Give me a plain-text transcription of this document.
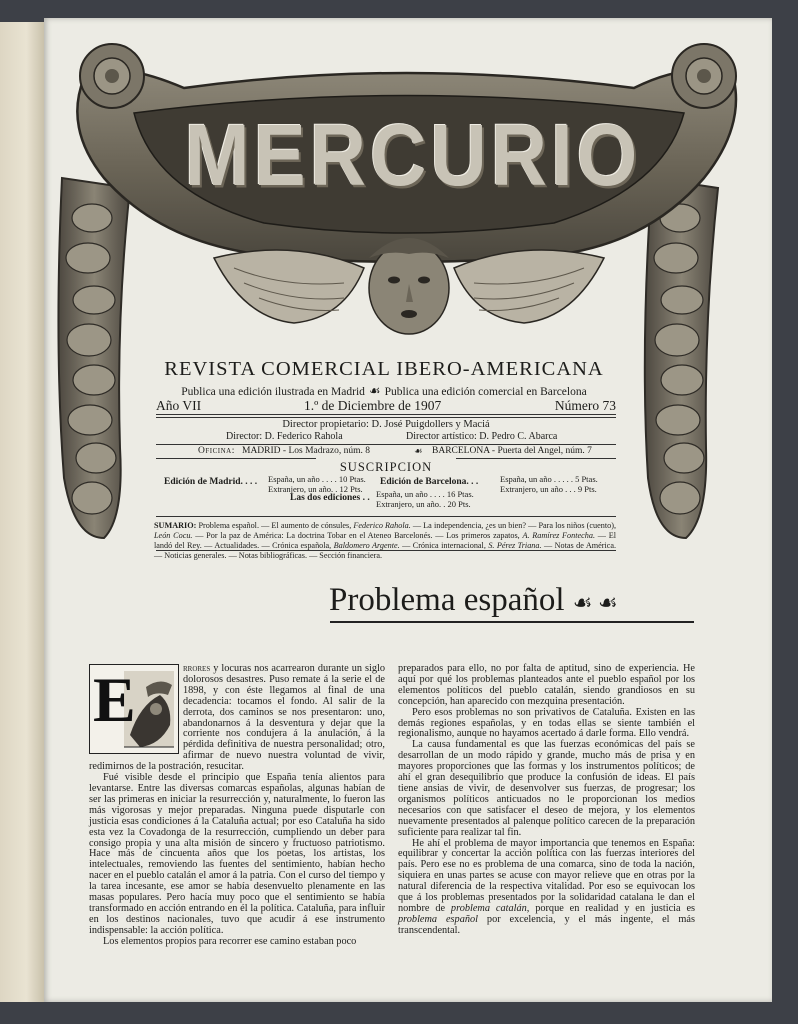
MERCURIO
REVISTA COMERCIAL IBERO-AMERICANA
Publica una edición ilustrada en Madrid ☙ Publica una edición comercial en Barcelona
Año VII	1.º de Diciembre de 1907	Número 73
Director propietario: D. José Puigdollers y Maciá
Director: D. Federico Rahola	Director artístico: D. Pedro C. Abarca
Oficina: MADRID - Los Madrazo, núm. 8	☙ BARCELONA - Puerta del Angel, núm. 7
SUSCRIPCION
Edición de Madrid. . . . España, un año . . . . 10 Ptas.
Extranjero, un año. . 12 Pts.
Edición de Barcelona. . .	España, un año . . . . . 5 Ptas.
Extranjero, un año . . . 9 Pts.
Las dos ediciones . . España, un año . . . . 16 Ptas.
Extranjero, un año. . 20 Pts.
SUMARIO: Problema español. — El aumento de cónsules, Federico Rahola. — La independencia, ¿es un bien? — Para los niños (cuento), León Cocu. — Por la paz de América: La doctrina Tobar en el Ateneo Barcelonés. — Los primeros zapatos, A. Ramírez Fontecha. — El landó del Rey. — Actualidades. — Crónica española, Baldomero Argente. — Crónica internacional, S. Pérez Triana. — Notas de América. — Noticias generales. — Notas bibliográficas. — Sección financiera.
Problema español ☙ ☙

E	rrores y locuras nos acarrearon durante un siglo dolorosos desastres. Puso remate á la serie el de 1898, y con éste llegamos al final de una decadencia: tocamos el fondo. Al salir de la derrota, dos caminos se nos presentaron: uno, abandonarnos á la desventura y dejar que la corriente nos condujera á la anulación, á la pérdida definitiva de nuestra personalidad; otro, afirmar de nuevo nuestra voluntad de vivir, redimirnos de la postración, resucitar.

Fué visible desde el principio que España tenía alientos para levantarse. Entre las diversas comarcas españolas, algunas habían de ser las primeras en iniciar la resurrección y, naturalmente, lo fueron las más vigorosas y mejor preparadas. Ninguna puede disputarle con justicia esas condiciones á la Cataluña actual; por eso Cataluña ha sido esta vez la Covadonga de la resurrección, cumpliendo un deber para consigo propia y una alta misión de sincero y fructuoso patriotismo. Hace más de cincuenta años que los poetas, los artistas, los intelectuales, removiendo las fuentes del sentimiento, habían hecho nacer en el pueblo catalán el amor á la patria. Con el curso del tiempo y la tarea incesante, ese amor se había desenvuelto plenamente en las masas populares. Pero hacía muy poco que el sentimiento se había transformado en acción entrando en él la política. Cataluña, para influir en los destinos nacionales, tuvo que acudir á ese instrumento indispensable: la acción política.

Los elementos propios para recorrer ese camino estaban poco

preparados para ello, no por falta de aptitud, sino de experiencia. He aquí por qué los problemas planteados ante el pueblo español por los elementos políticos del pueblo catalán, siendo grandiosos en su concepción, han aparecido con mezquina presentación.

Pero esos problemas no son privativos de Cataluña. Existen en las demás regiones españolas, y en todas ellas se siente también el regionalismo, aunque no hayamos acertado á darle forma. Ello vendrá.

La causa fundamental es que las fuerzas económicas del país se desarrollan de un modo rápido y grande, mucho más de prisa y en mayores proporciones que las formas y los instrumentos políticos; de ahí el gran desequilibrio que produce la confusión de ideas. El país tiene ansias de vivir, de desenvolver sus fuerzas, de progresar; los organismos políticos anticuados no le proporcionan los medios necesarios con que satisfacer el deseo de mejora, y los elementos nuevamente presentados al palenque político carecen de la preparación suficiente para realizar tal fin.

He ahí el problema de mayor importancia que tenemos en España: equilibrar y concertar la acción política con las fuerzas interiores del país. Pero ese no es problema de una comarca, sino de toda la nación, siquiera en unas partes se acuse con mayor relieve que en otras por la natural diferencia de la respectiva vitalidad. Por eso se equivocan los que á los problemas presentados por la solidaridad catalana le dan el nombre de problema catalán, porque en realidad y en justicia es problema español por excelencia, y el más ingente, el más transcendental.
